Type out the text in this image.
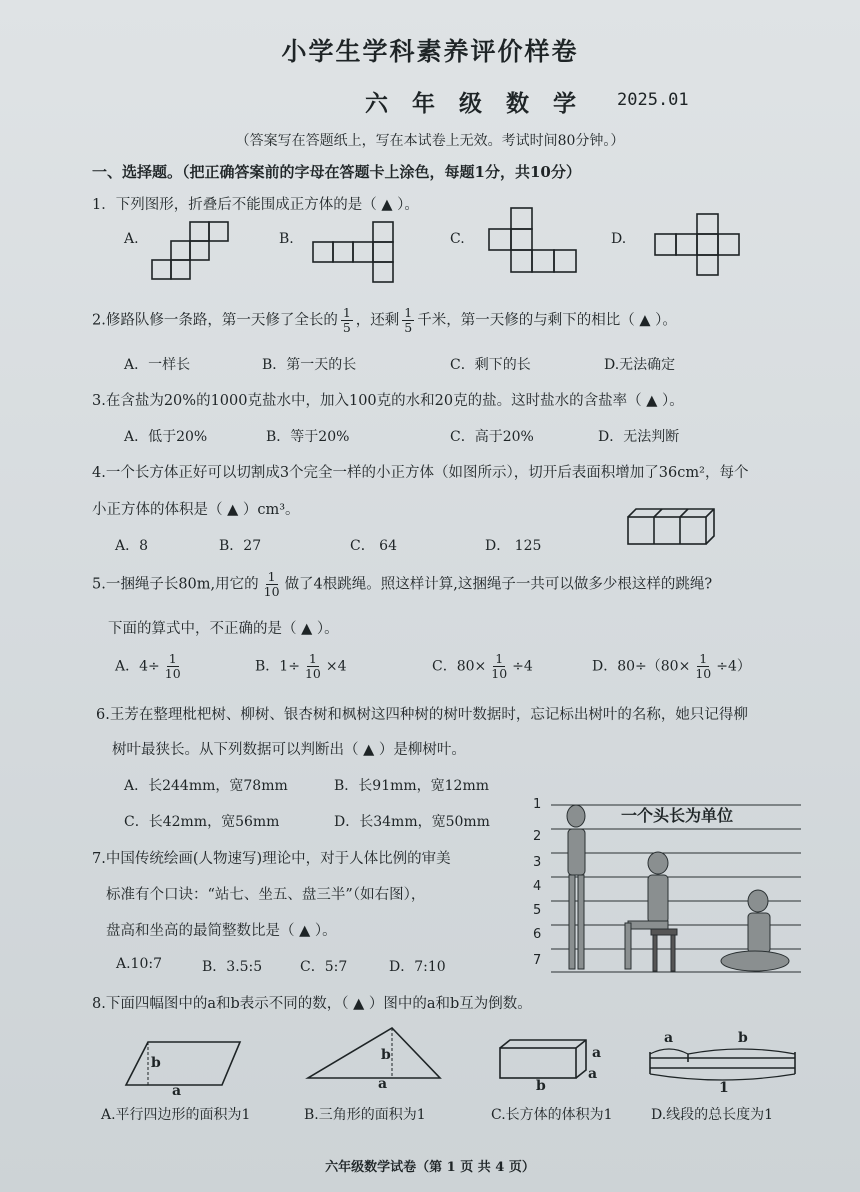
小学生学科素养评价样卷
六 年 级 数 学 2025.01
（答案写在答题纸上，写在本试卷上无效。考试时间80分钟。）
一、选择题。（把正确答案前的字母在答题卡上涂色，每题1分，共10分）
1．下列图形，折叠后不能围成正方体的是（ ▲ ）。
A.	B.	C.	D.
2.修路队修一条路，第一天修了全长的 $\frac{1}{5}$ ，还剩 $\frac{1}{5}$ 千米，第一天修的与剩下的相比（ ▲ ）。
A．一样长	B．第一天的长	C．剩下的长	D.无法确定
3.在含盐为20%的1000克盐水中，加入100克的水和20克的盐。这时盐水的含盐率（ ▲ ）。
A．低于20%	B．等于20%	C．高于20%	D．无法判断
4.一个长方体正好可以切割成3个完全一样的小正方体（如图所示），切开后表面积增加了36cm²，每个
小正方体的体积是（ ▲ ）cm³。
A．8	B．27	C． 64	D． 125
5.一捆绳子长80m,用它的 $\frac{1}{10}$ 做了4根跳绳。照这样计算,这捆绳子一共可以做多少根这样的跳绳?
下面的算式中，不正确的是（ ▲ ）。
A．$4\div \frac{1}{10}$	B．$1\div \frac{1}{10} \times 4$	C．$80\times \frac{1}{10} \div 4$	D．$80\div(80\times \frac{1}{10} \div 4)$
6.王芳在整理枇杷树、柳树、银杏树和枫树这四种树的树叶数据时，忘记标出树叶的名称，她只记得柳
树叶最狭长。从下列数据可以判断出（ ▲ ）是柳树叶。
A．长244mm，宽78mm	B．长91mm，宽12mm
C．长42mm，宽56mm	D．长34mm，宽50mm
7.中国传统绘画(人物速写)理论中，对于人体比例的审美
标准有个口诀：“站七、坐五、盘三半”（如右图），
盘高和坐高的最简整数比是（ ▲ ）。
A.10:7	B．3.5:5	C．5:7	D．7:10
1
2
3
4
5
6
7
一个头长为单位
8.下面四幅图中的a和b表示不同的数，（ ▲ ）图中的a和b互为倒数。
b
a
b
a
a
a
b
a	b
1
A.平行四边形的面积为1	B.三角形的面积为1	C.长方体的体积为1	D.线段的总长度为1
六年级数学试卷（第 1 页 共 4 页）
